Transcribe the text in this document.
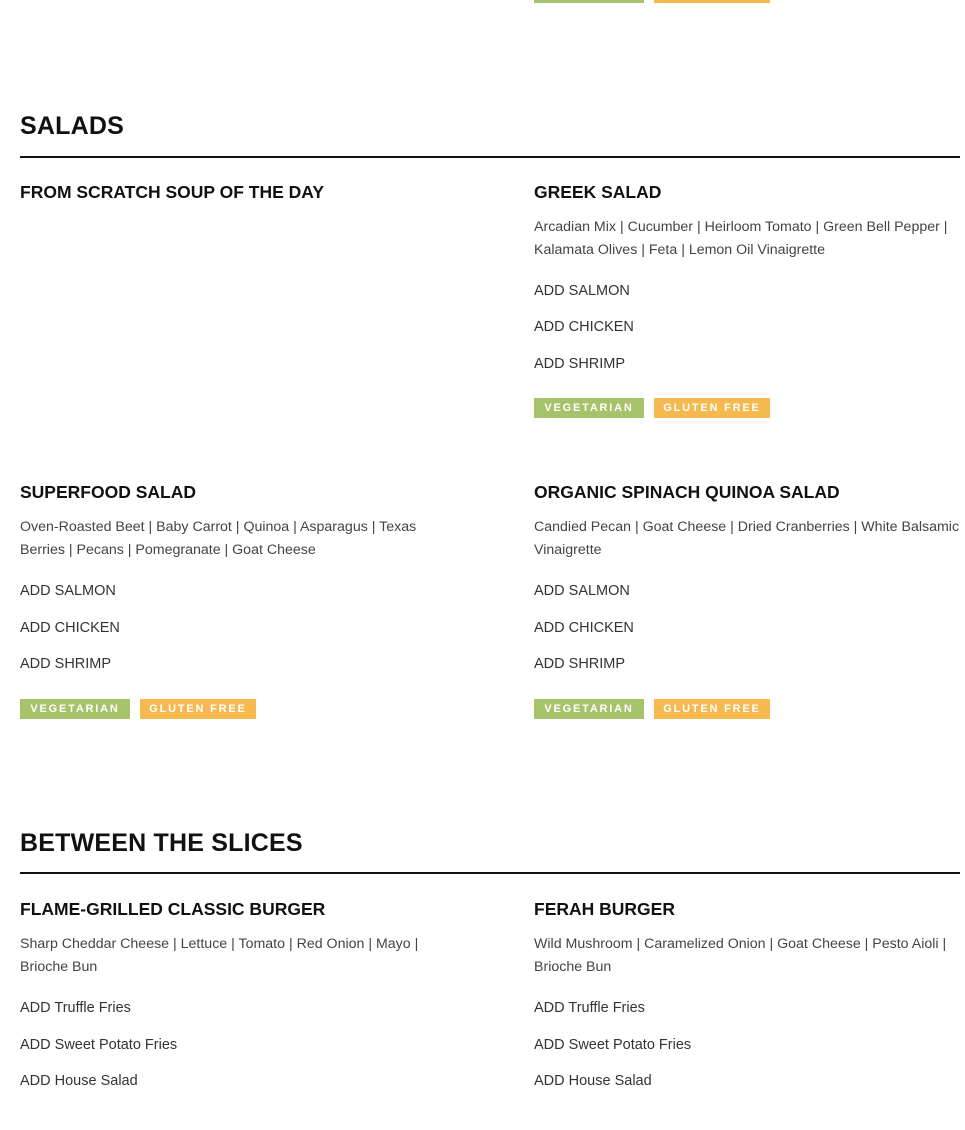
SALADS
FROM SCRATCH SOUP OF THE DAY	GREEK SALAD

Arcadian Mix | Cucumber | Heirloom Tomato | Green Bell Pepper | Kalamata Olives | Feta | Lemon Oil Vinaigrette

ADD SALMON
ADD CHICKEN
ADD SHRIMP
VEGETARIAN	GLUTEN FREE
SUPERFOOD SALAD

Oven-Roasted Beet | Baby Carrot | Quinoa | Asparagus | Texas Berries | Pecans | Pomegranate | Goat Cheese

ADD SALMON
ADD CHICKEN
ADD SHRIMP
VEGETARIAN	GLUTEN FREE
ORGANIC SPINACH QUINOA SALAD

Candied Pecan | Goat Cheese | Dried Cranberries | White Balsamic Vinaigrette

ADD SALMON
ADD CHICKEN
ADD SHRIMP
VEGETARIAN	GLUTEN FREE
BETWEEN THE SLICES
FLAME-GRILLED CLASSIC BURGER

Sharp Cheddar Cheese | Lettuce | Tomato | Red Onion | Mayo | Brioche Bun

ADD Truffle Fries
ADD Sweet Potato Fries
ADD House Salad
FERAH BURGER

Wild Mushroom | Caramelized Onion | Goat Cheese | Pesto Aioli | Brioche Bun

ADD Truffle Fries
ADD Sweet Potato Fries
ADD House Salad
